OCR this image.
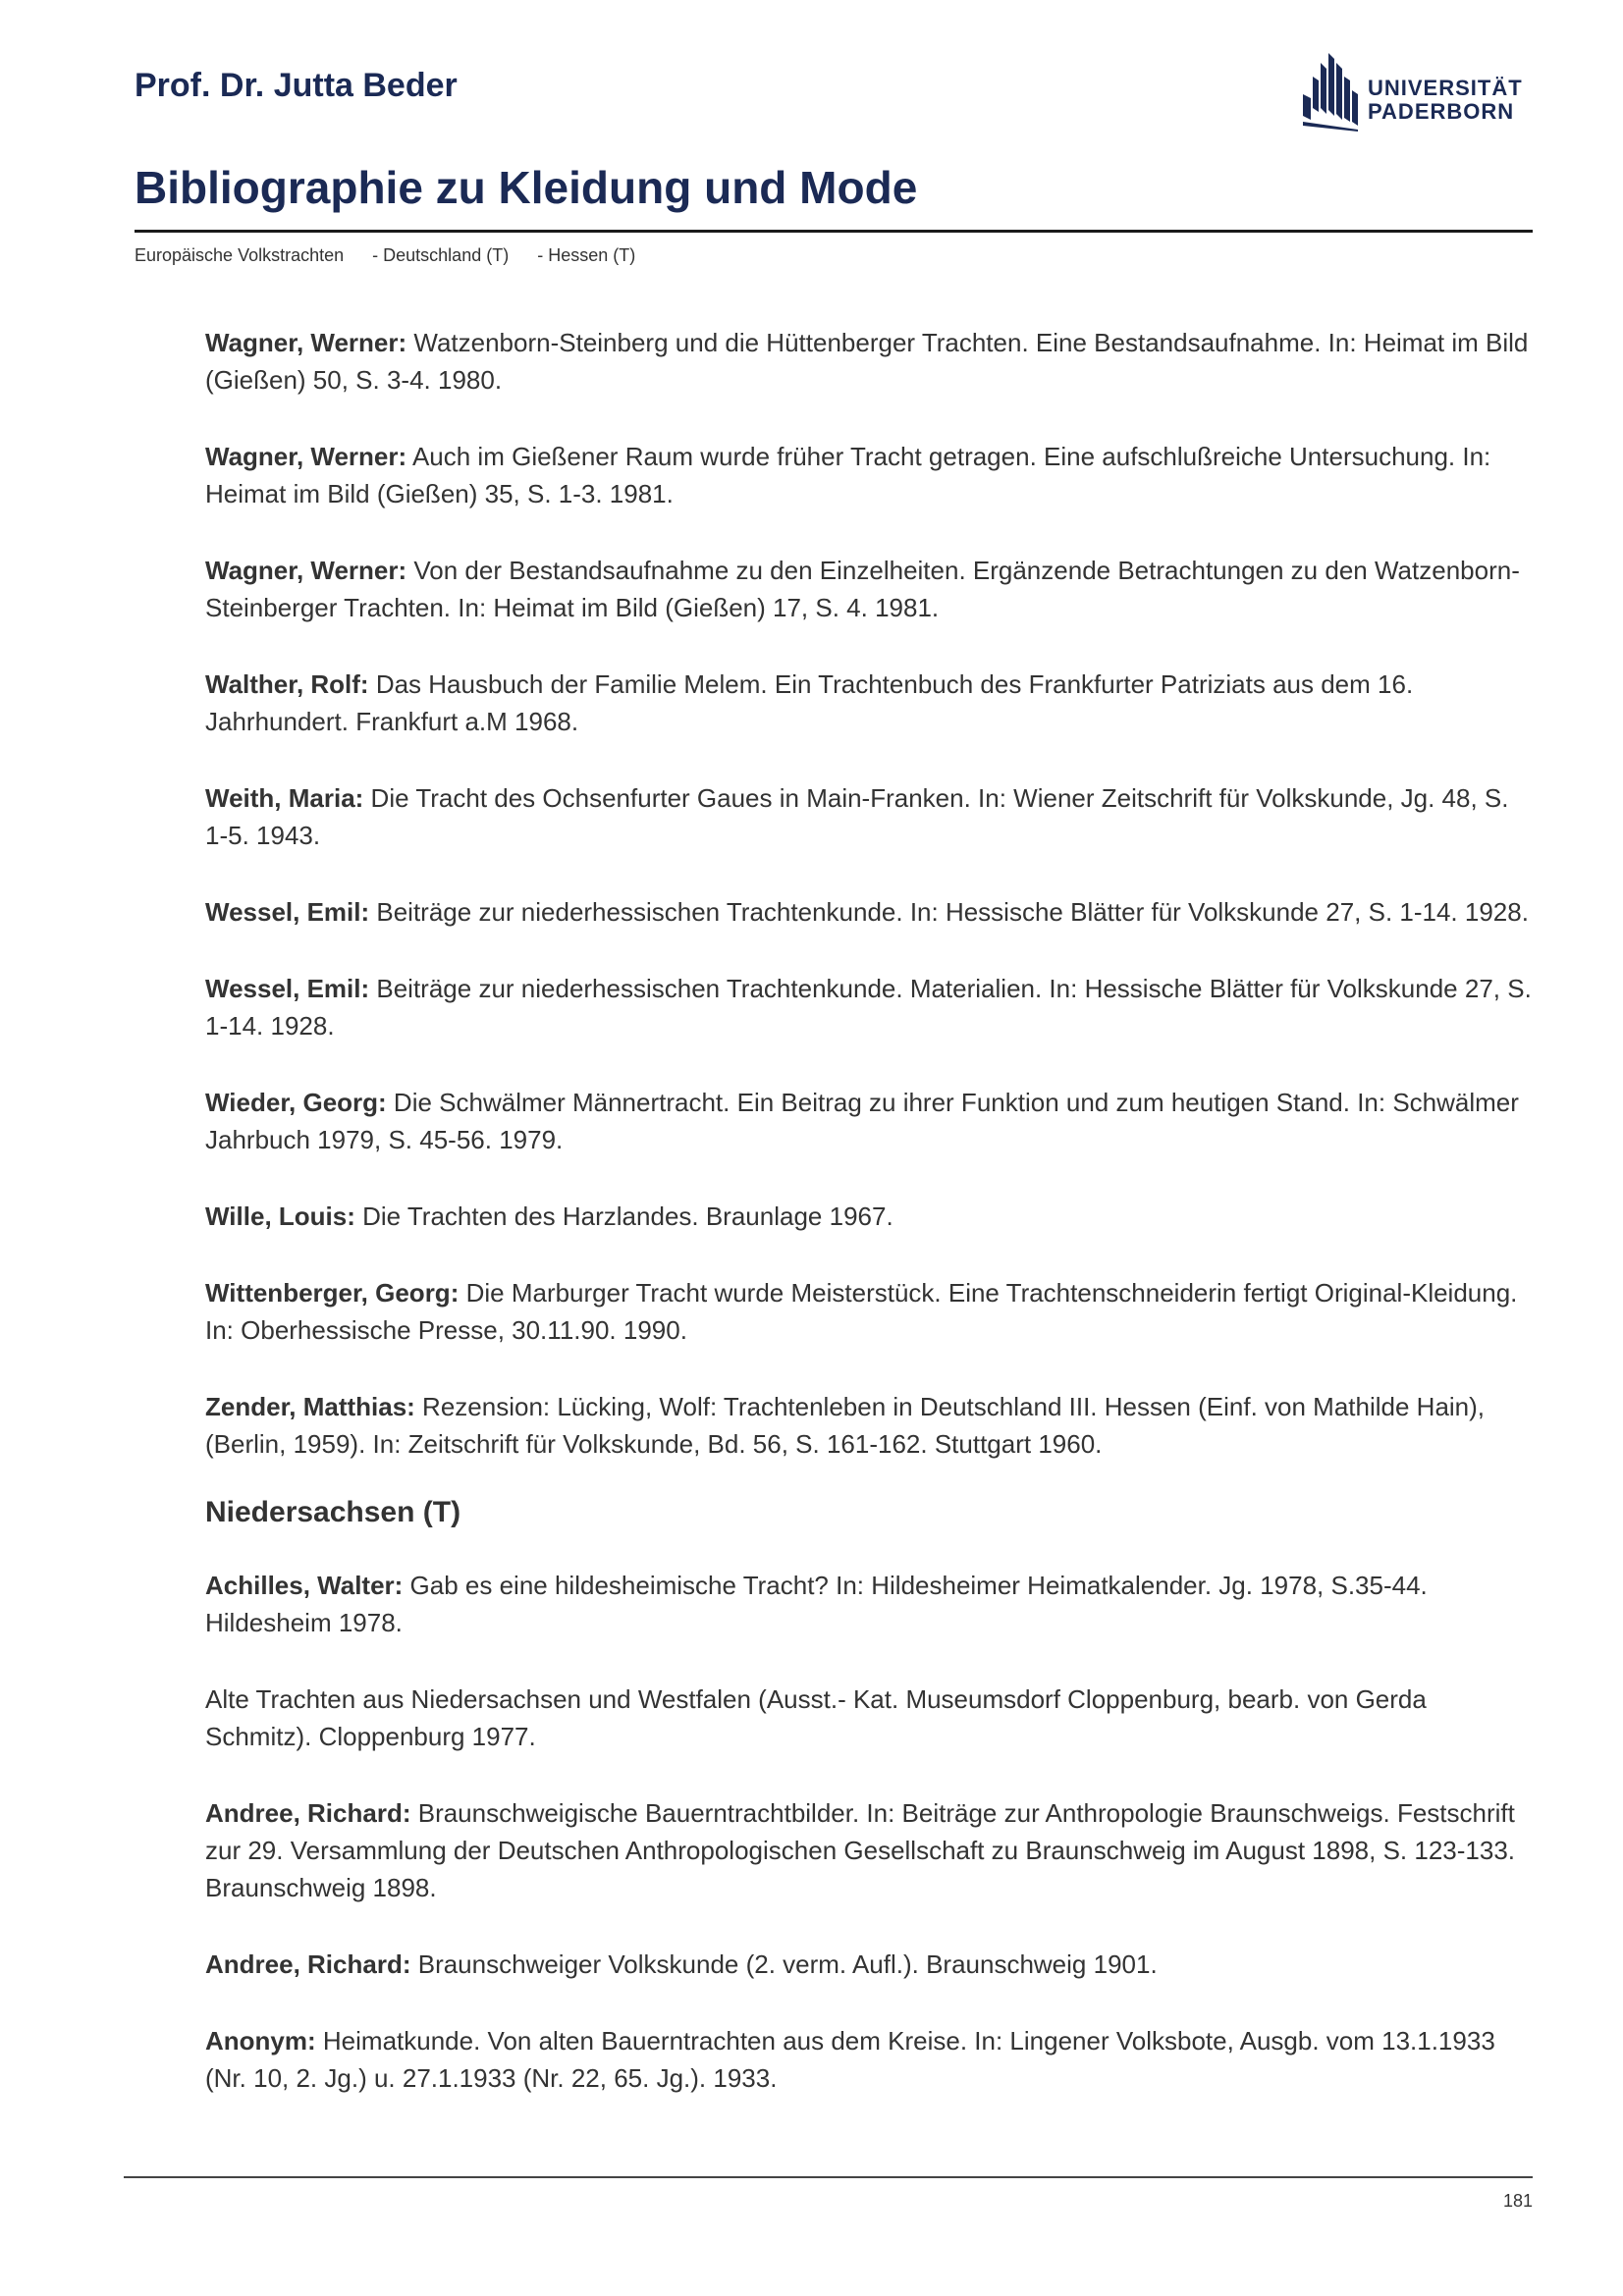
Prof. Dr. Jutta Beder	UNIVERSITÄT
PADERBORN
Bibliographie zu Kleidung und Mode
Europäische Volkstrachten - Deutschland (T) - Hessen (T)

Wagner, Werner: Watzenborn-Steinberg und die Hüttenberger Trachten. Eine Bestandsaufnahme. In: Heimat im Bild (Gießen) 50, S. 3-4. 1980.

Wagner, Werner: Auch im Gießener Raum wurde früher Tracht getragen. Eine aufschlußreiche Untersuchung. In: Heimat im Bild (Gießen) 35, S. 1-3. 1981.

Wagner, Werner: Von der Bestandsaufnahme zu den Einzelheiten. Ergänzende Betrachtungen zu den Watzenborn-Steinberger Trachten. In: Heimat im Bild (Gießen) 17, S. 4. 1981.

Walther, Rolf: Das Hausbuch der Familie Melem. Ein Trachtenbuch des Frankfurter Patriziats aus dem 16. Jahrhundert. Frankfurt a.M 1968.

Weith, Maria: Die Tracht des Ochsenfurter Gaues in Main-Franken. In: Wiener Zeitschrift für Volkskunde, Jg. 48, S. 1-5. 1943.

Wessel, Emil: Beiträge zur niederhessischen Trachtenkunde. In: Hessische Blätter für Volkskunde 27, S. 1-14. 1928.

Wessel, Emil: Beiträge zur niederhessischen Trachtenkunde. Materialien. In: Hessische Blätter für Volkskunde 27, S. 1-14. 1928.

Wieder, Georg: Die Schwälmer Männertracht. Ein Beitrag zu ihrer Funktion und zum heutigen Stand. In: Schwälmer Jahrbuch 1979, S. 45-56. 1979.

Wille, Louis: Die Trachten des Harzlandes. Braunlage 1967.

Wittenberger, Georg: Die Marburger Tracht wurde Meisterstück. Eine Trachtenschneiderin fertigt Original-Kleidung. In: Oberhessische Presse, 30.11.90. 1990.

Zender, Matthias: Rezension: Lücking, Wolf: Trachtenleben in Deutschland III. Hessen (Einf. von Mathilde Hain), (Berlin, 1959). In: Zeitschrift für Volkskunde, Bd. 56, S. 161-162. Stuttgart 1960.

Niedersachsen (T)

Achilles, Walter: Gab es eine hildesheimische Tracht? In: Hildesheimer Heimatkalender. Jg. 1978, S.35-44. Hildesheim 1978.

Alte Trachten aus Niedersachsen und Westfalen (Ausst.- Kat. Museumsdorf Cloppenburg, bearb. von Gerda Schmitz). Cloppenburg 1977.

Andree, Richard: Braunschweigische Bauerntrachtbilder. In: Beiträge zur Anthropologie Braunschweigs. Festschrift zur 29. Versammlung der Deutschen Anthropologischen Gesellschaft zu Braunschweig im August 1898, S. 123-133. Braunschweig 1898.

Andree, Richard: Braunschweiger Volkskunde (2. verm. Aufl.). Braunschweig 1901.

Anonym: Heimatkunde. Von alten Bauerntrachten aus dem Kreise. In: Lingener Volksbote, Ausgb. vom 13.1.1933 (Nr. 10, 2. Jg.) u. 27.1.1933 (Nr. 22, 65. Jg.). 1933.

181
